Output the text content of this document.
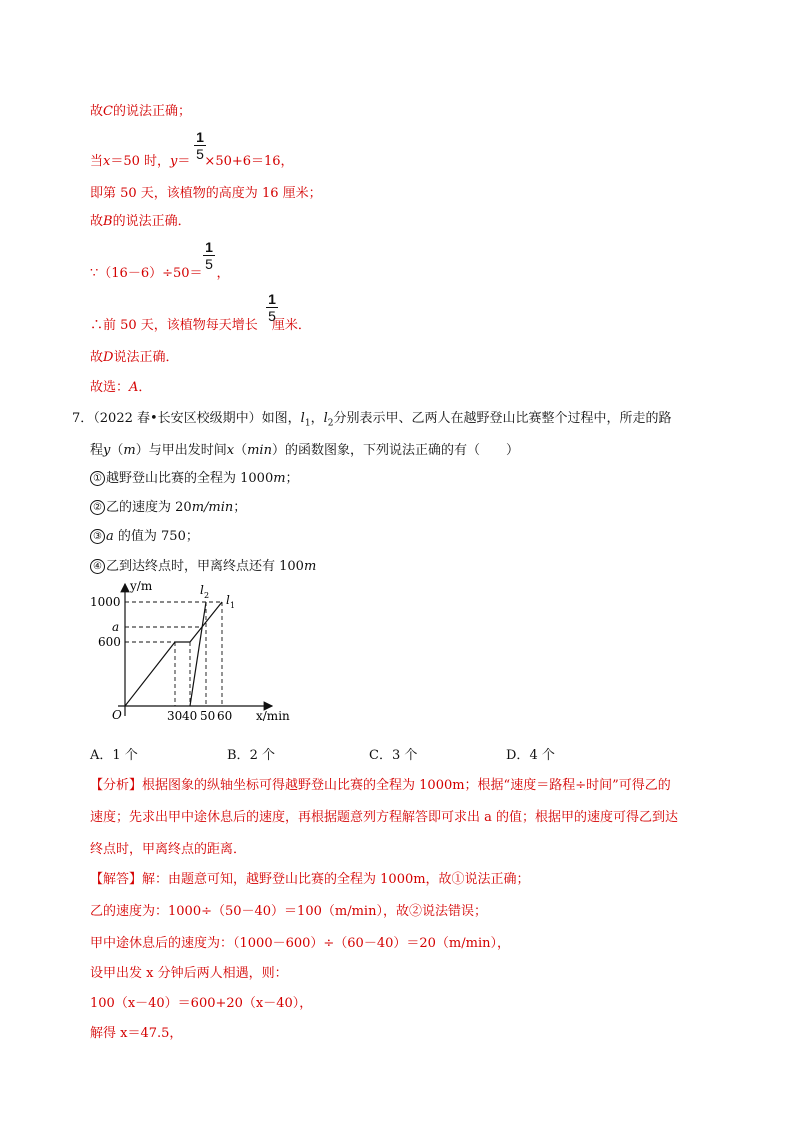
故C的说法正确；
当x＝50 时，y＝ ×50+6＝16，
1
5
即第 50 天，该植物的高度为 16 厘米；
故B的说法正确．
∵（16－6）÷50＝ ，
1
5
∴前 50 天，该植物每天增长 厘米．
1
5
故D说法正确．
故选：A．
7．（2022 春•长安区校级期中）如图，$l_1$，$l_2$分别表示甲、乙两人在越野登山比赛整个过程中，所走的路
程y（m）与甲出发时间x（min）的函数图象，下列说法正确的有（　　）
① 越野登山比赛的全程为 1000m；
② 乙的速度为 20m/min；
③ a 的值为 750；
④ 乙到达终点时，甲离终点还有 100m
y/m
x/min
O
1000
a
600
30 40 50 60
l 2 l 1
A．1 个	B．2 个	C．3 个	D．4 个
【分析】根据图象的纵轴坐标可得越野登山比赛的全程为 1000m；根据“速度＝路程÷时间”可得乙的
速度；先求出甲中途休息后的速度，再根据题意列方程解答即可求出 a 的值；根据甲的速度可得乙到达
终点时，甲离终点的距离．
【解答】解：由题意可知，越野登山比赛的全程为 1000m，故①说法正确；
乙的速度为：1000÷（50－40）＝100（m/min），故②说法错误；
甲中途休息后的速度为：（1000－600）÷（60－40）＝20（m/min），
设甲出发 x 分钟后两人相遇，则：
100（x－40）＝600+20（x－40），
解得 x＝47.5，
